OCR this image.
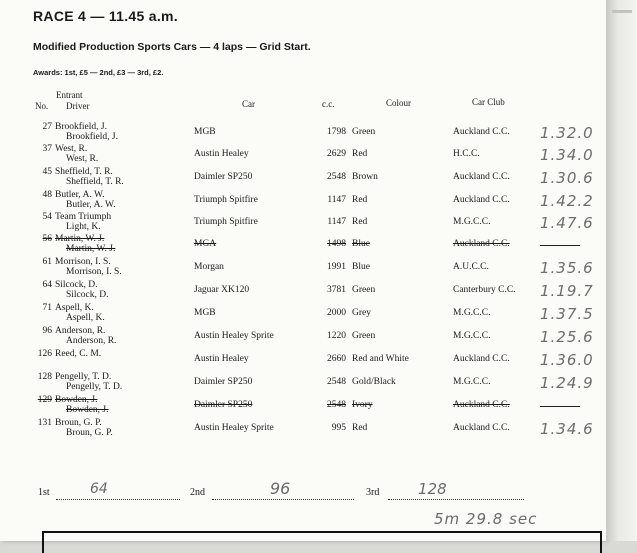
RACE 4 — 11.45 a.m.
Modified Production Sports Cars — 4 laps — Grid Start.
Awards: 1st, £5 — 2nd, £3 — 3rd, £2.
Entrant
No. Driver	Car	c.c.	Colour	Car Club
27 Brookfield, J.
Brookfield, J.	MGB	1798 Green	Auckland C.C. 1.32.0
37 West, R.
West, R.	Austin Healey	2629 Red	H.C.C.	1.34.0
45 Sheffield, T. R.
Sheffield, T. R.	Daimler SP250	2548 Brown	Auckland C.C. 1.30.6
48 Butler, A. W.
Butler, A. W.	Triumph Spitfire	1147 Red	Auckland C.C. 1.42.2
54 Team Triumph
Light, K.	Triumph Spitfire	1147 Red	M.G.C.C.	1.47.6
56 Martin, W. J.
Martin, W. J.	MGA	1498 Blue	Auckland C.C.
61 Morrison, I. S.
Morrison, I. S.	Morgan	1991 Blue	A.U.C.C.	1.35.6
64 Silcock, D.
Silcock, D.	Jaguar XK120	3781 Green	Canterbury C.C. 1.19.7
71 Aspell, K.
Aspell, K.	MGB	2000 Grey	M.G.C.C.	1.37.5
96 Anderson, R.
Anderson, R.	Austin Healey Sprite	1220 Green	M.G.C.C.	1.25.6
126 Reed, C. M.	Austin Healey	2660 Red and White	Auckland C.C. 1.36.0
128 Pengelly, T. D.
Pengelly, T. D.	Daimler SP250	2548 Gold/Black	M.G.C.C.	1.24.9
129 Bowden, J.
Bowden, J.	Daimler SP250	2548 Ivory	Auckland C.C.
131 Broun, G. P.
Broun, G. P.	Austin Healey Sprite	995 Red	Auckland C.C. 1.34.6
1st	64	2nd	96	3rd	128
5m 29.8 sec
